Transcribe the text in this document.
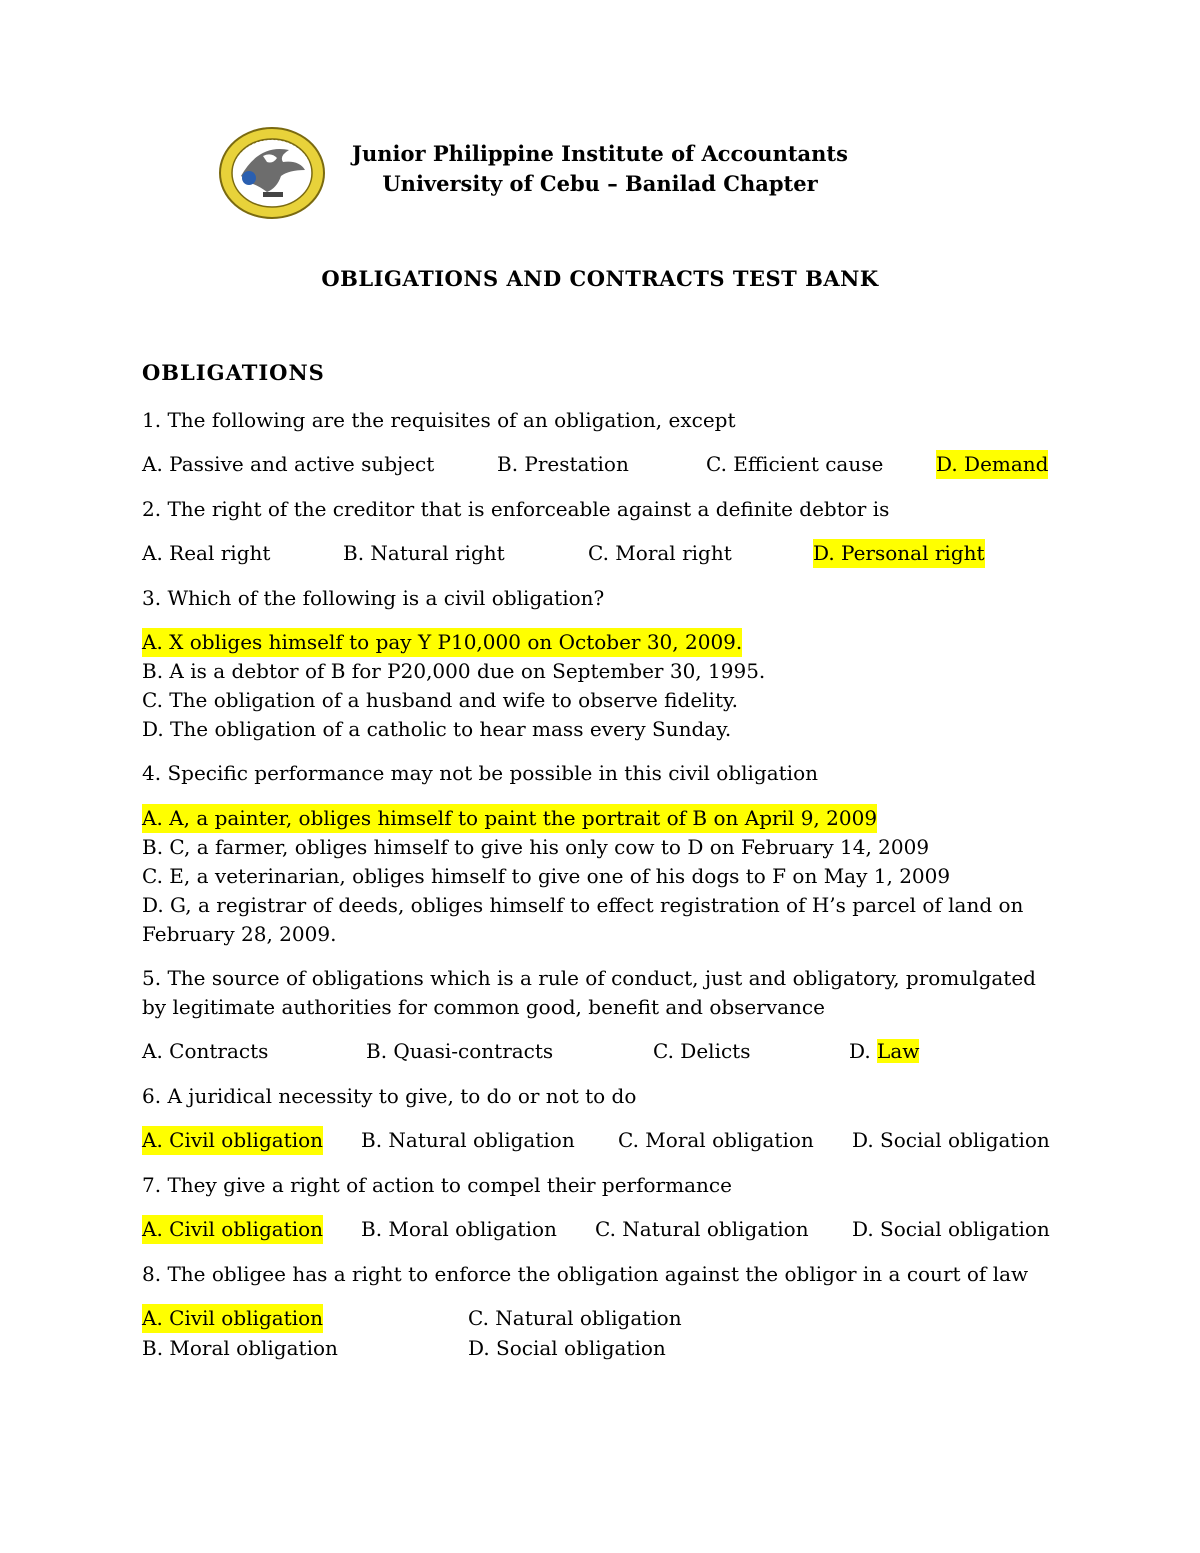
Junior Philippine Institute of Accountants
University of Cebu – Banilad Chapter
OBLIGATIONS AND CONTRACTS TEST BANK
OBLIGATIONS
1. The following are the requisites of an obligation, except
A. Passive and active subject	B. Prestation	C. Efficient cause	D. Demand
2. The right of the creditor that is enforceable against a definite debtor is
A. Real right	B. Natural right	C. Moral right	D. Personal right
3. Which of the following is a civil obligation?
A. X obliges himself to pay Y P10,000 on October 30, 2009.
B. A is a debtor of B for P20,000 due on September 30, 1995.
C. The obligation of a husband and wife to observe fidelity.
D. The obligation of a catholic to hear mass every Sunday.
4. Specific performance may not be possible in this civil obligation
A. A, a painter, obliges himself to paint the portrait of B on April 9, 2009
B. C, a farmer, obliges himself to give his only cow to D on February 14, 2009
C. E, a veterinarian, obliges himself to give one of his dogs to F on May 1, 2009
D. G, a registrar of deeds, obliges himself to effect registration of H’s parcel of land on
February 28, 2009.
5. The source of obligations which is a rule of conduct, just and obligatory, promulgated
by legitimate authorities for common good, benefit and observance
A. Contracts	B. Quasi-contracts	C. Delicts	D. Law
6. A juridical necessity to give, to do or not to do
A. Civil obligation B. Natural obligation C. Moral obligation D. Social obligation
7. They give a right of action to compel their performance
A. Civil obligation B. Moral obligation C. Natural obligation D. Social obligation
8. The obligee has a right to enforce the obligation against the obligor in a court of law
A. Civil obligation	C. Natural obligation
B. Moral obligation	D. Social obligation
